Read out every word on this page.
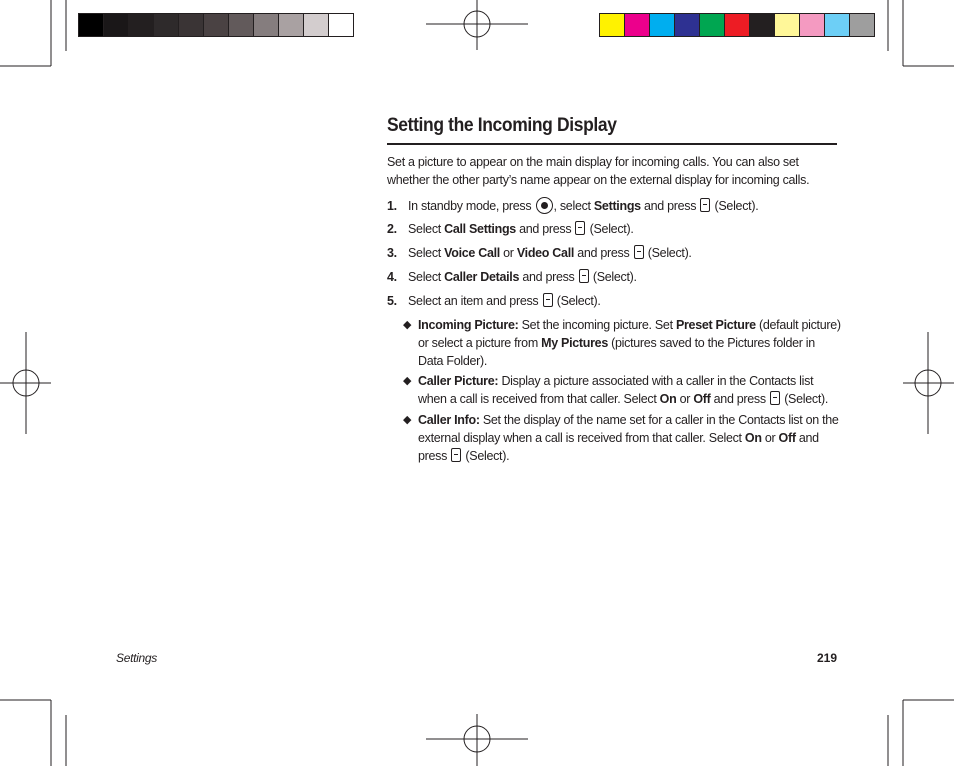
Setting the Incoming Display
Set a picture to appear on the main display for incoming calls. You can also set whether the other party’s name appear on the external display for incoming calls.
1. In standby mode, press , select Settings and press  (Select).
2. Select Call Settings and press  (Select).
3. Select Voice Call or Video Call and press  (Select).
4. Select Caller Details and press  (Select).
5. Select an item and press  (Select).
◆ Incoming Picture: Set the incoming picture. Set Preset Picture (default picture) or select a picture from My Pictures (pictures saved to the Pictures folder in Data Folder).
◆ Caller Picture: Display a picture associated with a caller in the Contacts list when a call is received from that caller. Select On or Off and press  (Select).
◆ Caller Info: Set the display of the name set for a caller in the Contacts list on the external display when a call is received from that caller. Select On or Off and press  (Select).
Settings	219
